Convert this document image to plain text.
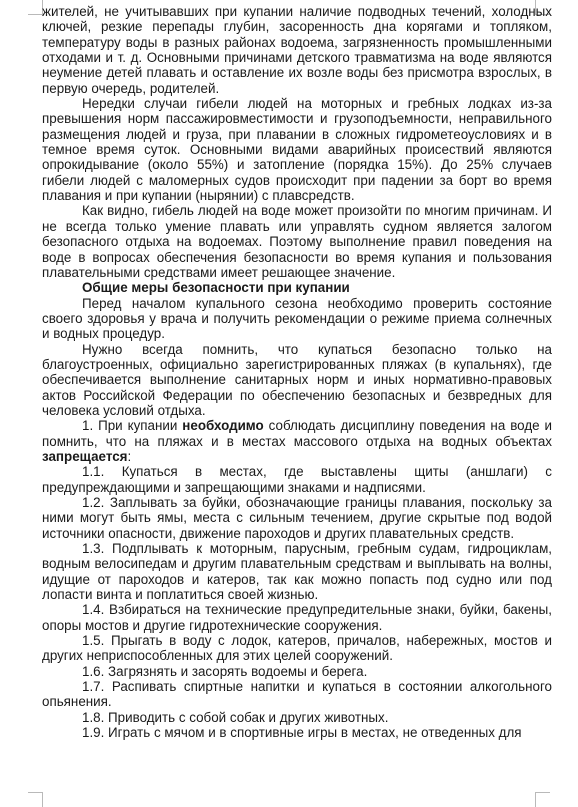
жителей, не учитывавших при купании наличие подводных течений, холодных ключей, резкие перепады глубин, засоренность дна корягами и топляком, температуру воды в разных районах водоема, загрязненность промышленными отходами и т. д. Основными причинами детского травматизма на воде являются неумение детей плавать и оставление их возле воды без присмотра взрослых, в первую очередь, родителей.

Нередки случаи гибели людей на моторных и гребных лодках из-за превышения норм пассажировместимости и грузоподъемности, неправильного размещения людей и груза, при плавании в сложных гидрометеоусловиях и в темное время суток. Основными видами аварийных происествий являются опрокидывание (около 55%) и затопление (порядка 15%). До 25% случаев гибели людей с маломерных судов происходит при падении за борт во время плавания и при купании (нырянии) с плавсредств.

Как видно, гибель людей на воде может произойти по многим причинам. И не всегда только умение плавать или управлять судном является залогом безопасного отдыха на водоемах. Поэтому выполнение правил поведения на воде в вопросах обеспечения безопасности во время купания и пользования плавательными средствами имеет решающее значение.

Общие меры безопасности при купании

Перед началом купального сезона необходимо проверить состояние своего здоровья у врача и получить рекомендации о режиме приема солнечных и водных процедур.

Нужно всегда помнить, что купаться безопасно только на благоустроенных, официально зарегистрированных пляжах (в купальнях), где обеспечивается выполнение санитарных норм и иных нормативно-правовых актов Российской Федерации по обеспечению безопасных и безвредных для человека условий отдыха.

1. При купании необходимо соблюдать дисциплину поведения на воде и помнить, что на пляжах и в местах массового отдыха на водных объектах запрещается:

1.1. Купаться в местах, где выставлены щиты (аншлаги) с предупреждающими и запрещающими знаками и надписями.

1.2. Заплывать за буйки, обозначающие границы плавания, поскольку за ними могут быть ямы, места с сильным течением, другие скрытые под водой источники опасности, движение пароходов и других плавательных средств.

1.3. Подплывать к моторным, парусным, гребным судам, гидроциклам, водным велосипедам и другим плавательным средствам и выплывать на волны, идущие от пароходов и катеров, так как можно попасть под судно или под лопасти винта и поплатиться своей жизнью.

1.4. Взбираться на технические предупредительные знаки, буйки, бакены, опоры мостов и другие гидротехнические сооружения.

1.5. Прыгать в воду с лодок, катеров, причалов, набережных, мостов и других неприспособленных для этих целей сооружений.

1.6. Загрязнять и засорять водоемы и берега.

1.7. Распивать спиртные напитки и купаться в состоянии алкогольного опьянения.

1.8. Приводить с собой собак и других животных.

1.9. Играть с мячом и в спортивные игры в местах, не отведенных для
